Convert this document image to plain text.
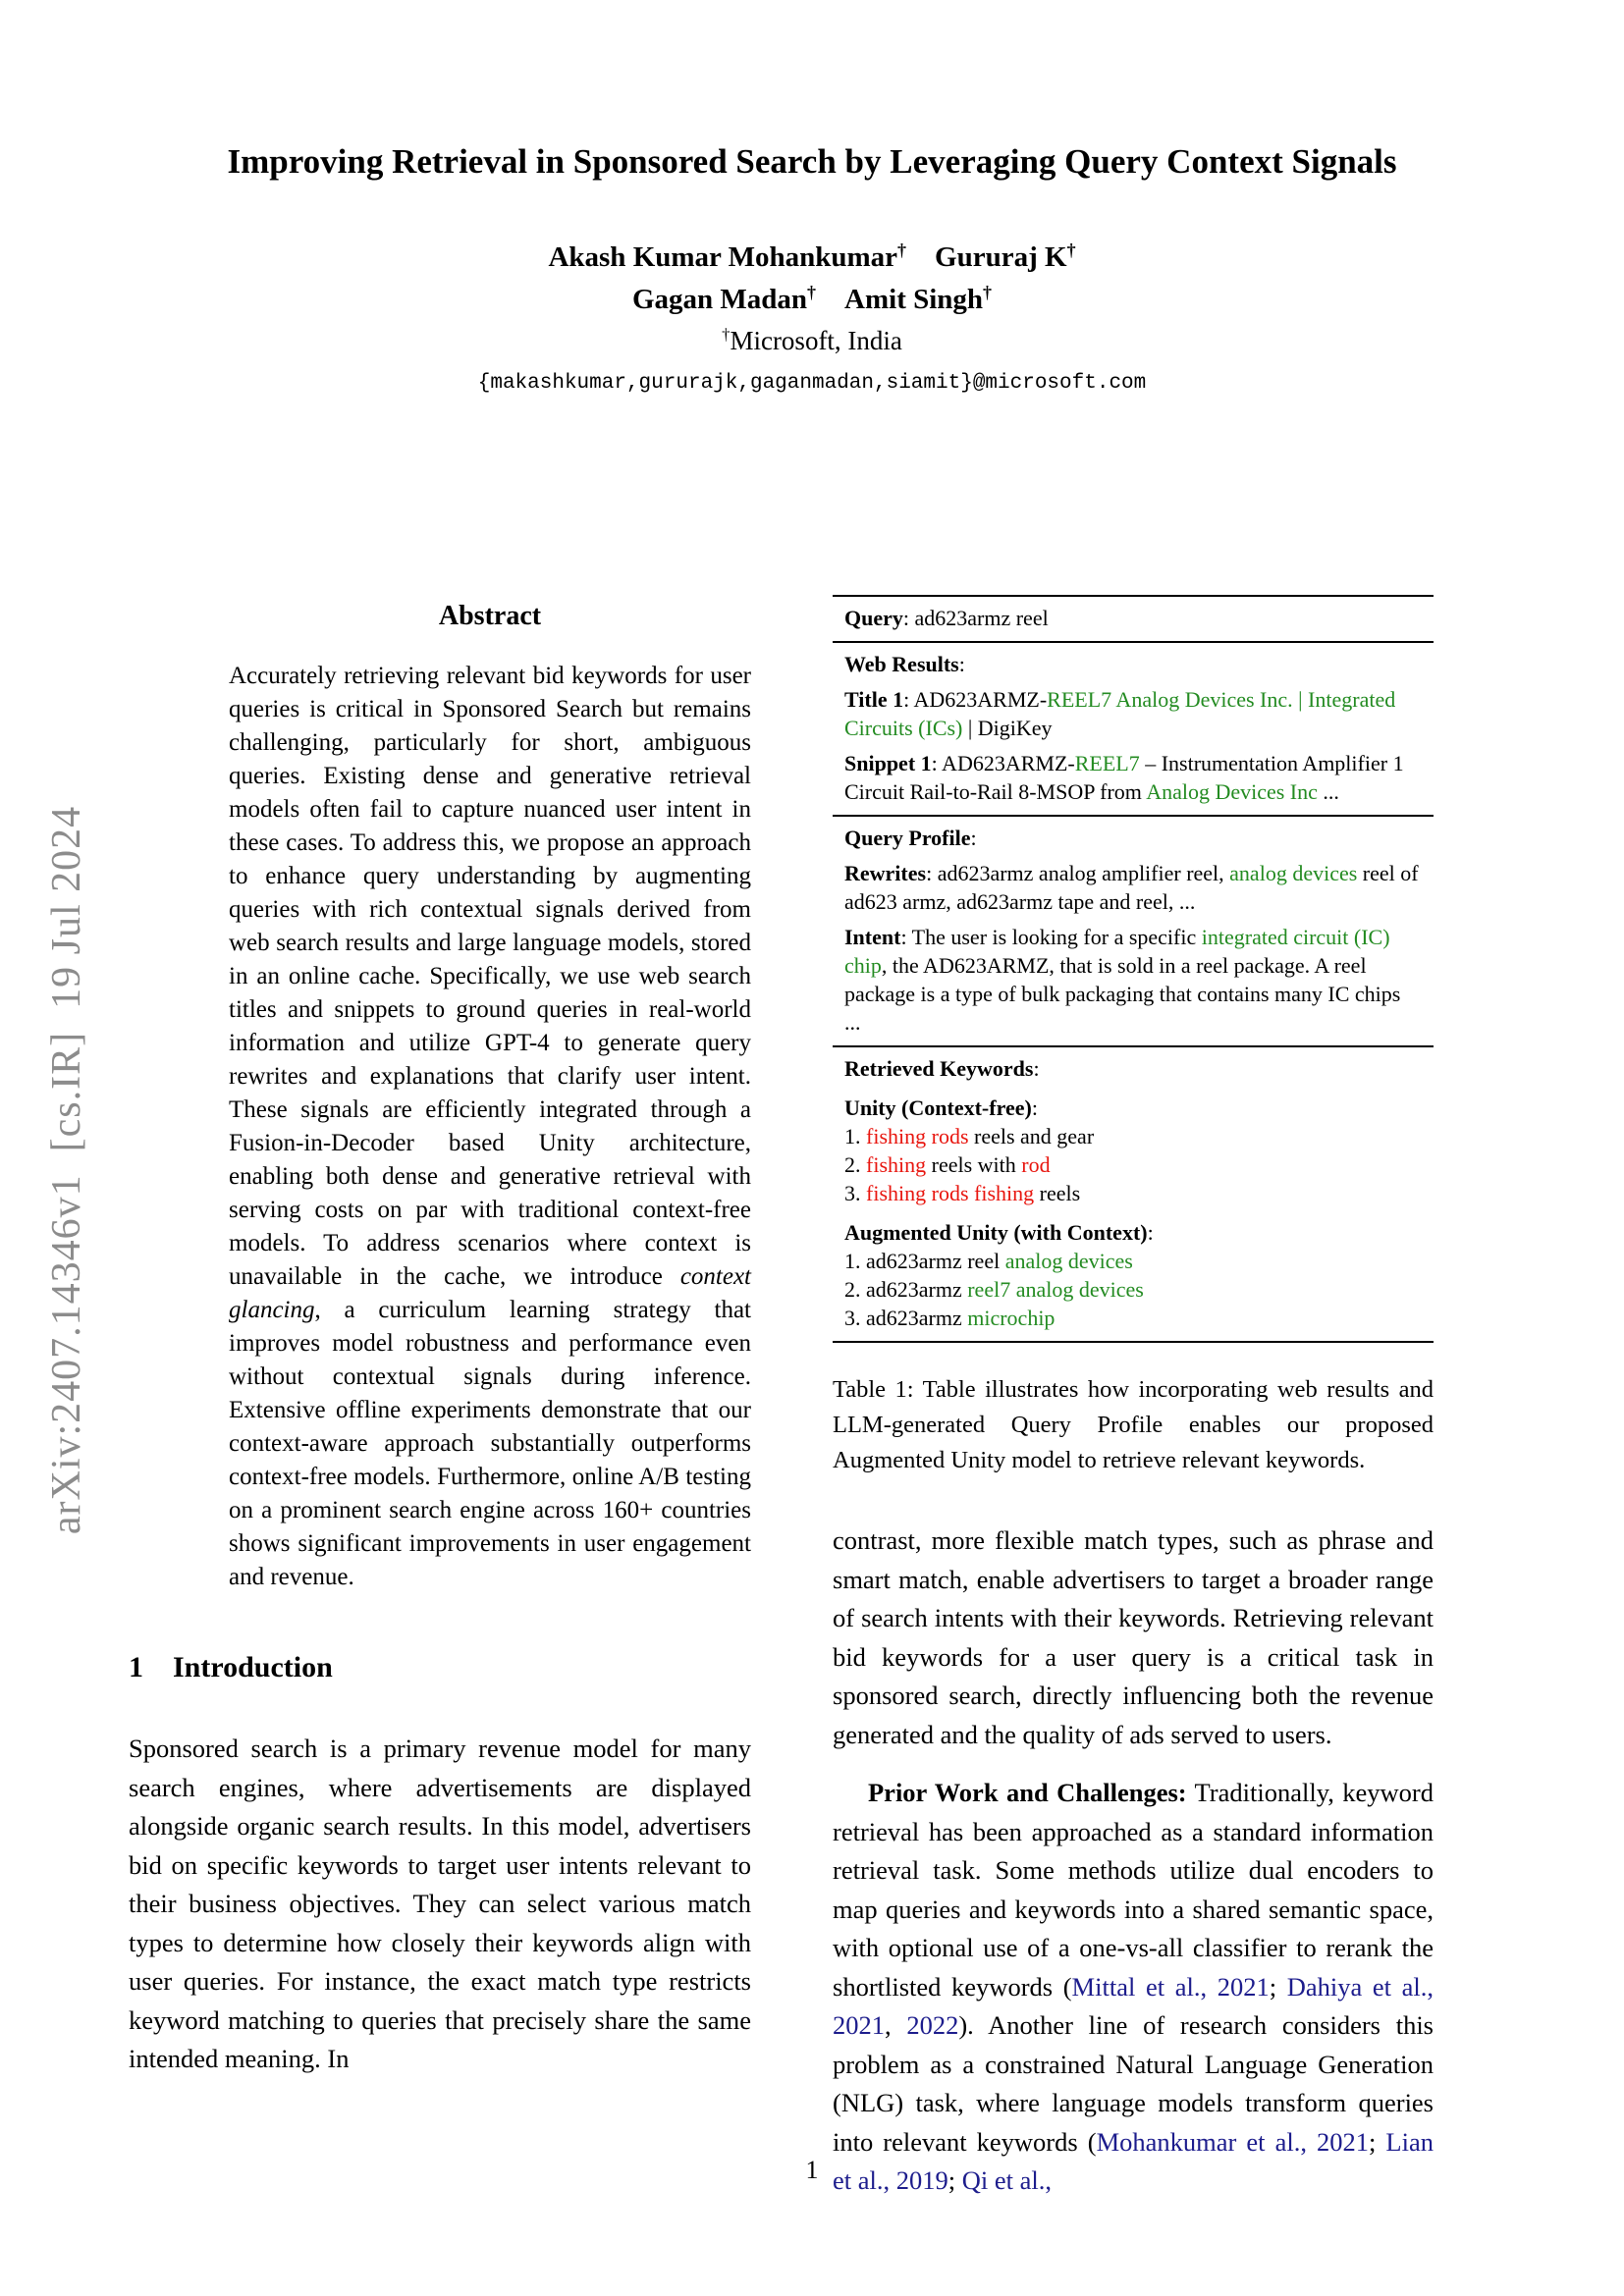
arXiv:2407.14346v1  [cs.IR]  19 Jul 2024
Improving Retrieval in Sponsored Search by Leveraging Query Context Signals
Akash Kumar Mohankumar† Gururaj K†
Gagan Madan† Amit Singh†
†Microsoft, India
{makashkumar,gururajk,gaganmadan,siamit}@microsoft.com
Abstract

Accurately retrieving relevant bid keywords for user queries is critical in Sponsored Search but remains challenging, particularly for short, ambiguous queries. Existing dense and generative retrieval models often fail to capture nuanced user intent in these cases. To address this, we propose an approach to enhance query understanding by augmenting queries with rich contextual signals derived from web search results and large language models, stored in an online cache. Specifically, we use web search titles and snippets to ground queries in real-world information and utilize GPT-4 to generate query rewrites and explanations that clarify user intent. These signals are efficiently integrated through a Fusion-in-Decoder based Unity architecture, enabling both dense and generative retrieval with serving costs on par with traditional context-free models. To address scenarios where context is unavailable in the cache, we introduce context glancing, a curriculum learning strategy that improves model robustness and performance even without contextual signals during inference. Extensive offline experiments demonstrate that our context-aware approach substantially outperforms context-free models. Furthermore, online A/B testing on a prominent search engine across 160+ countries shows significant improvements in user engagement and revenue.

1 Introduction

Sponsored search is a primary revenue model for many search engines, where advertisements are displayed alongside organic search results. In this model, advertisers bid on specific keywords to target user intents relevant to their business objectives. They can select various match types to determine how closely their keywords align with user queries. For instance, the exact match type restricts keyword matching to queries that precisely share the same intended meaning. In

Query: ad623armz reel
Web Results:
Title 1: AD623ARMZ-REEL7 Analog Devices Inc. | Integrated Circuits (ICs) | DigiKey
Snippet 1: AD623ARMZ-REEL7 – Instrumentation Amplifier 1 Circuit Rail-to-Rail 8-MSOP from Analog Devices Inc ...
Query Profile:
Rewrites: ad623armz analog amplifier reel, analog devices reel of ad623 armz, ad623armz tape and reel, ...
Intent: The user is looking for a specific integrated circuit (IC) chip, the AD623ARMZ, that is sold in a reel package. A reel package is a type of bulk packaging that contains many IC chips ...
Retrieved Keywords:
Unity (Context-free):
1. fishing rods reels and gear
2. fishing reels with rod
3. fishing rods fishing reels
Augmented Unity (with Context):
1. ad623armz reel analog devices
2. ad623armz reel7 analog devices
3. ad623armz microchip
Table 1: Table illustrates how incorporating web results and LLM-generated Query Profile enables our proposed Augmented Unity model to retrieve relevant keywords.

contrast, more flexible match types, such as phrase and smart match, enable advertisers to target a broader range of search intents with their keywords. Retrieving relevant bid keywords for a user query is a critical task in sponsored search, directly influencing both the revenue generated and the quality of ads served to users.

Prior Work and Challenges: Traditionally, keyword retrieval has been approached as a standard information retrieval task. Some methods utilize dual encoders to map queries and keywords into a shared semantic space, with optional use of a one-vs-all classifier to rerank the shortlisted keywords (Mittal et al., 2021; Dahiya et al., 2021, 2022). Another line of research considers this problem as a constrained Natural Language Generation (NLG) task, where language models transform queries into relevant keywords (Mohankumar et al., 2021; Lian et al., 2019; Qi et al.,

1
